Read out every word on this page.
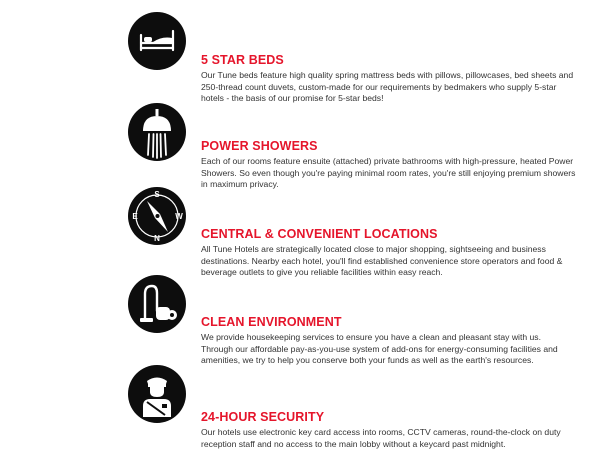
5 STAR BEDS
Our Tune beds feature high quality spring mattress beds with pillows, pillowcases, bed sheets and 250-thread count duvets, custom-made for our requirements by bedmakers who supply 5-star hotels - the basis of our promise for 5-star beds!
POWER SHOWERS
Each of our rooms feature ensuite (attached) private bathrooms with high-pressure, heated Power Showers. So even though you're paying minimal room rates, you're still enjoying premium showers in maximum privacy.
S
E	W
N	CENTRAL & CONVENIENT LOCATIONS
All Tune Hotels are strategically located close to major shopping, sightseeing and business destinations. Nearby each hotel, you'll find established convenience store operators and food & beverage outlets to give you reliable facilities within easy reach.
CLEAN ENVIRONMENT

We provide housekeeping services to ensure you have a clean and pleasant stay with us.

Through our affordable pay-as-you-use system of add-ons for energy-consuming facilities and amenities, we try to help you conserve both your funds as well as the earth's resources.

24-HOUR SECURITY
Our hotels use electronic key card access into rooms, CCTV cameras, round-the-clock on duty reception staff and no access to the main lobby without a keycard past midnight.
